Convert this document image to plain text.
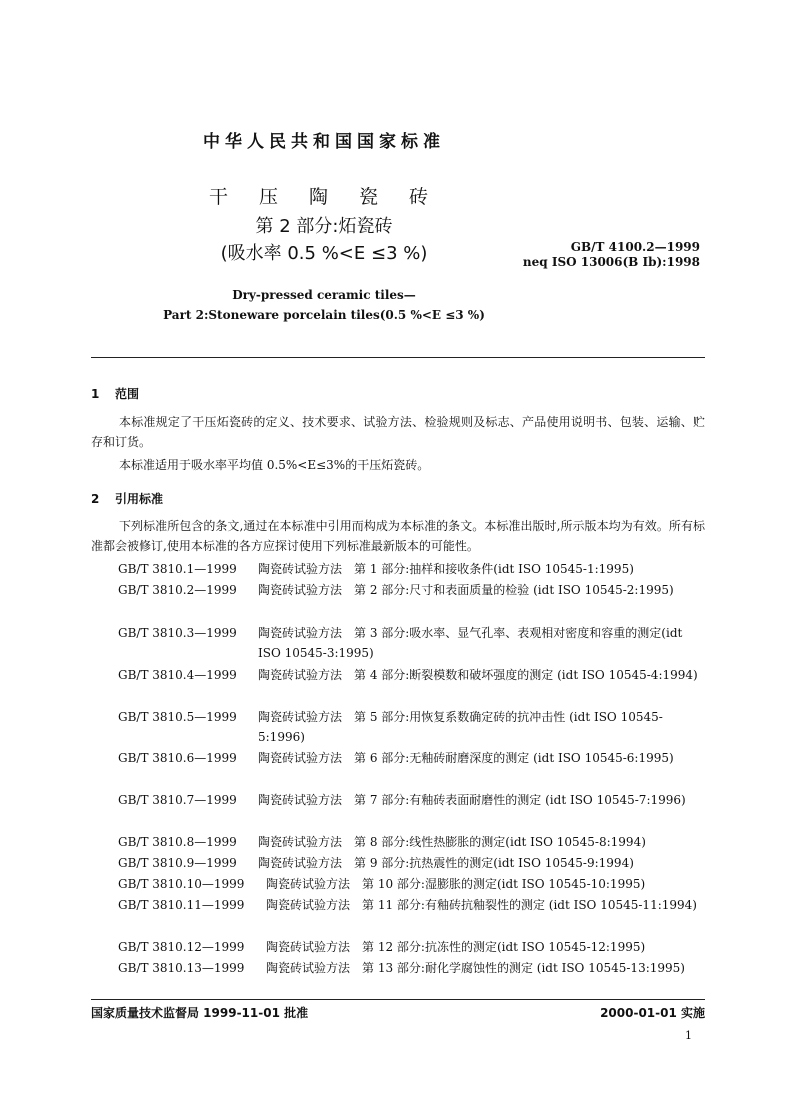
中华人民共和国国家标准
干压陶瓷砖
第 2 部分:炻瓷砖
(吸水率 0.5 %<E ≤3 %)	GB/T 4100.2—1999
neq ISO 13006(B Ⅰb):1998
Dry-pressed ceramic tiles—
Part 2:Stoneware porcelain tiles(0.5 %<E ≤3 %)
1 范围
本标准规定了干压炻瓷砖的定义、技术要求、试验方法、检验规则及标志、产品使用说明书、包装、运输、贮存和订货。
本标准适用于吸水率平均值 0.5%<E≤3%的干压炻瓷砖。
2 引用标准
下列标准所包含的条文,通过在本标准中引用而构成为本标准的条文。本标准出版时,所示版本均为有效。所有标准都会被修订,使用本标准的各方应探讨使用下列标准最新版本的可能性。
GB/T 3810.1—1999 陶瓷砖试验方法　第 1 部分:抽样和接收条件(idt ISO 10545-1:1995)
GB/T 3810.2—1999 陶瓷砖试验方法　第 2 部分:尺寸和表面质量的检验 (idt ISO 10545-2:1995)
GB/T 3810.3—1999 陶瓷砖试验方法　第 3 部分:吸水率、显气孔率、表观相对密度和容重的测定(idt ISO 10545-3:1995)
GB/T 3810.4—1999 陶瓷砖试验方法　第 4 部分:断裂模数和破坏强度的测定 (idt ISO 10545-4:1994)
GB/T 3810.5—1999 陶瓷砖试验方法　第 5 部分:用恢复系数确定砖的抗冲击性 (idt ISO 10545-5:1996)
GB/T 3810.6—1999 陶瓷砖试验方法　第 6 部分:无釉砖耐磨深度的测定 (idt ISO 10545-6:1995)
GB/T 3810.7—1999 陶瓷砖试验方法　第 7 部分:有釉砖表面耐磨性的测定 (idt ISO 10545-7:1996)
GB/T 3810.8—1999 陶瓷砖试验方法　第 8 部分:线性热膨胀的测定(idt ISO 10545-8:1994)
GB/T 3810.9—1999 陶瓷砖试验方法　第 9 部分:抗热震性的测定(idt ISO 10545-9:1994)
GB/T 3810.10—1999 陶瓷砖试验方法　第 10 部分:湿膨胀的测定(idt ISO 10545-10:1995)
GB/T 3810.11—1999 陶瓷砖试验方法　第 11 部分:有釉砖抗釉裂性的测定 (idt ISO 10545-11:1994)
GB/T 3810.12—1999 陶瓷砖试验方法　第 12 部分:抗冻性的测定(idt ISO 10545-12:1995)
GB/T 3810.13—1999 陶瓷砖试验方法　第 13 部分:耐化学腐蚀性的测定 (idt ISO 10545-13:1995)
国家质量技术监督局 1999-11-01 批准	2000-01-01 实施
1
